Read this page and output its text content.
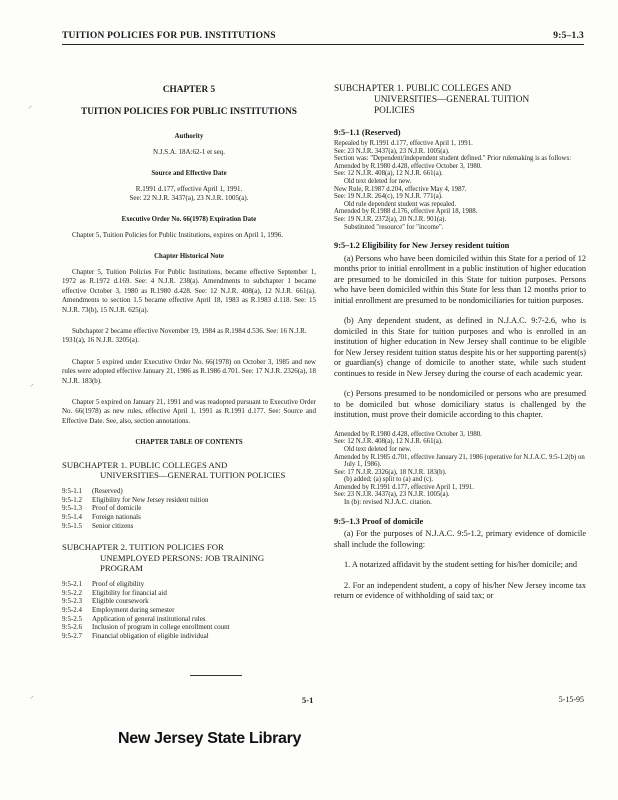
TUITION POLICIES FOR PUB. INSTITUTIONS	9:5–1.3

CHAPTER 5

TUITION POLICIES FOR PUBLIC INSTITUTIONS

Authority

N.J.S.A. 18A:62-1 et seq.

Source and Effective Date

R.1991 d.177, effective April 1, 1991.

See: 22 N.J.R. 3437(a), 23 N.J.R. 1005(a).

Executive Order No. 66(1978) Expiration Date

Chapter 5, Tuition Policies for Public Institutions, expires on April 1, 1996.

Chapter Historical Note

Chapter 5, Tuition Policies For Public Institutions, became effective September 1, 1972 as R.1972 d.169. See: 4 N.J.R. 238(a). Amendments to subchapter 1 became effective October 3, 1980 as R.1980 d.428. See: 12 N.J.R. 408(a), 12 N.J.R. 661(a). Amendments to section 1.5 became effective April 18, 1983 as R.1983 d.118. See: 15 N.J.R. 73(b), 15 N.J.R. 625(a).

Subchapter 2 became effective November 19, 1984 as R.1984 d.536. See: 16 N.J.R. 1931(a), 16 N.J.R. 3205(a).

Chapter 5 expired under Executive Order No. 66(1978) on October 3, 1985 and new rules were adopted effective January 21, 1986 as R.1986 d.701. See: 17 N.J.R. 2326(a), 18 N.J.R. 183(b).

Chapter 5 expired on January 21, 1991 and was readopted pursuant to Executive Order No. 66(1978) as new rules, effective April 1, 1991 as R.1991 d.177. See: Source and Effective Date. See, also, section annotations.

CHAPTER TABLE OF CONTENTS

SUBCHAPTER 1. PUBLIC COLLEGES AND
UNIVERSITIES—GENERAL TUITION POLICIES
9:5-1.1	(Reserved)
9:5-1.2	Eligibility for New Jersey resident tuition
9:5-1.3	Proof of domicile
9:5-1.4	Foreign nationals
9:5-1.5	Senior citizens
SUBCHAPTER 2. TUITION POLICIES FOR
UNEMPLOYED PERSONS: JOB TRAINING
PROGRAM
9:5-2.1	Proof of eligibility
9:5-2.2	Eligibility for financial aid
9:5-2.3	Eligible coursework
9:5-2.4	Employment during semester
9:5-2.5	Application of general institutional rules
9:5-2.6	Inclusion of program in college enrollment count
9:5-2.7	Financial obligation of eligible individual
SUBCHAPTER 1. PUBLIC COLLEGES AND
UNIVERSITIES—GENERAL TUITION
POLICIES

9:5–1.1 (Reserved)

Repealed by R.1991 d.177, effective April 1, 1991.
See: 23 N.J.R. 3437(a), 23 N.J.R. 1005(a).
Section was: "Dependent/independent student defined." Prior rulemaking is as follows:
Amended by R.1980 d.428, effective October 3, 1980.
See: 12 N.J.R. 408(a), 12 N.J.R. 661(a).
Old text deleted for new.
New Rule, R.1987 d.204, effective May 4, 1987.
See: 19 N.J.R. 264(c), 19 N.J.R. 771(a).
Old rule dependent student was repealed.
Amended by R.1988 d.176, effective April 18, 1988.
See: 19 N.J.R. 2372(a), 20 N.J.R. 901(a).
Substituted "resource" for "income".

9:5–1.2 Eligibility for New Jersey resident tuition

(a) Persons who have been domiciled within this State for a period of 12 months prior to initial enrollment in a public institution of higher education are presumed to be domiciled in this State for tuition purposes. Persons who have been domiciled within this State for less than 12 months prior to initial enrollment are presumed to be nondomiciliaries for tuition purposes.

(b) Any dependent student, as defined in N.J.A.C. 9:7-2.6, who is domiciled in this State for tuition purposes and who is enrolled in an institution of higher education in New Jersey shall continue to be eligible for New Jersey resident tuition status despite his or her supporting parent(s) or guardian(s) change of domicile to another state, while such student continues to reside in New Jersey during the course of each academic year.

(c) Persons presumed to be nondomiciled or persons who are presumed to be domiciled but whose domiciliary status is challenged by the institution, must prove their domicile according to this chapter.

Amended by R.1980 d.428, effective October 3, 1980.
See: 12 N.J.R. 408(a), 12 N.J.R. 661(a).
Old text deleted for new.
Amended by R.1985 d.701, effective January 21, 1986 (operative for N.J.A.C. 9:5-1.2(b) on July 1, 1986).
See: 17 N.J.R. 2326(a), 18 N.J.R. 183(b).
(b) added; (a) split to (a) and (c).
Amended by R.1991 d.177, effective April 1, 1991.
See: 23 N.J.R. 3437(a), 23 N.J.R. 1005(a).
In (b): revised N.J.A.C. citation.

9:5–1.3 Proof of domicile

(a) For the purposes of N.J.A.C. 9:5-1.2, primary evidence of domicile shall include the following:

1. A notarized affidavit by the student setting for his/her domicile; and

2. For an independent student, a copy of his/her New Jersey income tax return or evidence of withholding of said tax; or

5-1	5-15-95
New Jersey State Library
⸝
⸝
⸝
